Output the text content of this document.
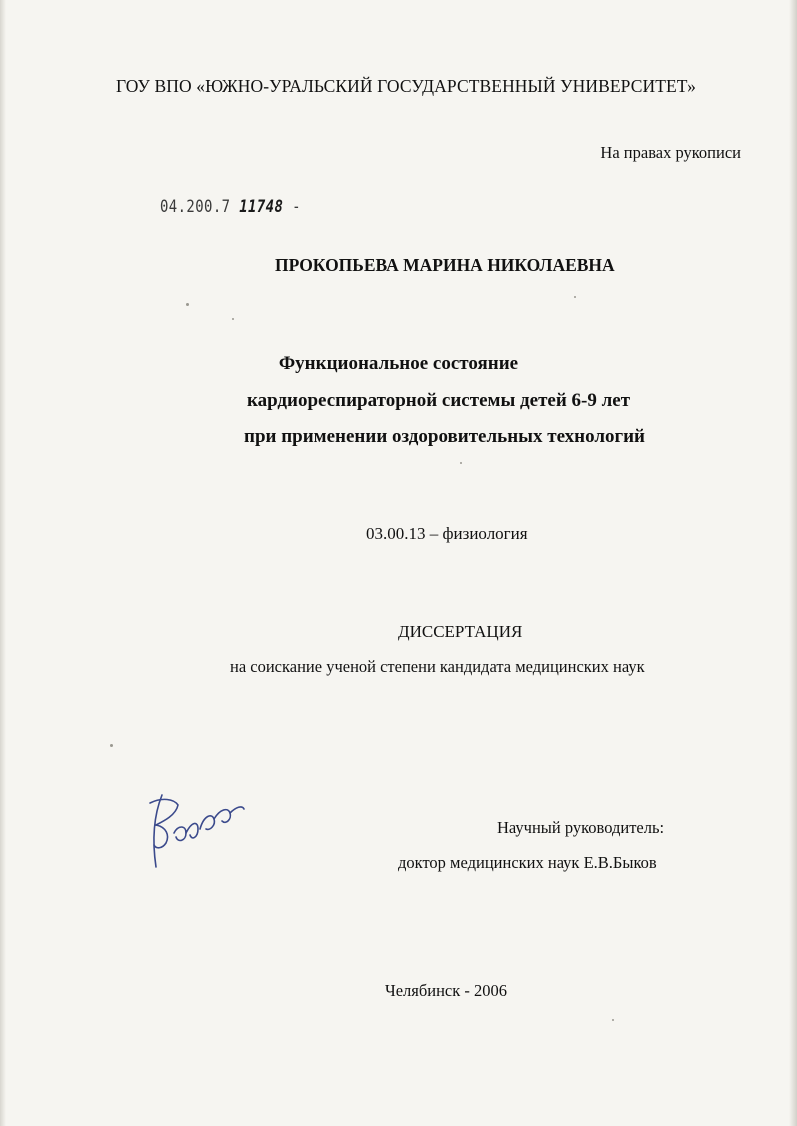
ГОУ ВПО «ЮЖНО-УРАЛЬСКИЙ ГОСУДАРСТВЕННЫЙ УНИВЕРСИТЕТ»
На правах рукописи
04.200.7 11748 -
ПРОКОПЬЕВА МАРИНА НИКОЛАЕВНА
Функциональное состояние
кардиореспираторной системы детей 6-9 лет
при применении оздоровительных технологий
03.00.13 – физиология
ДИССЕРТАЦИЯ
на соискание ученой степени кандидата медицинских наук
Научный руководитель:
доктор медицинских наук Е.В.Быков
Челябинск - 2006
